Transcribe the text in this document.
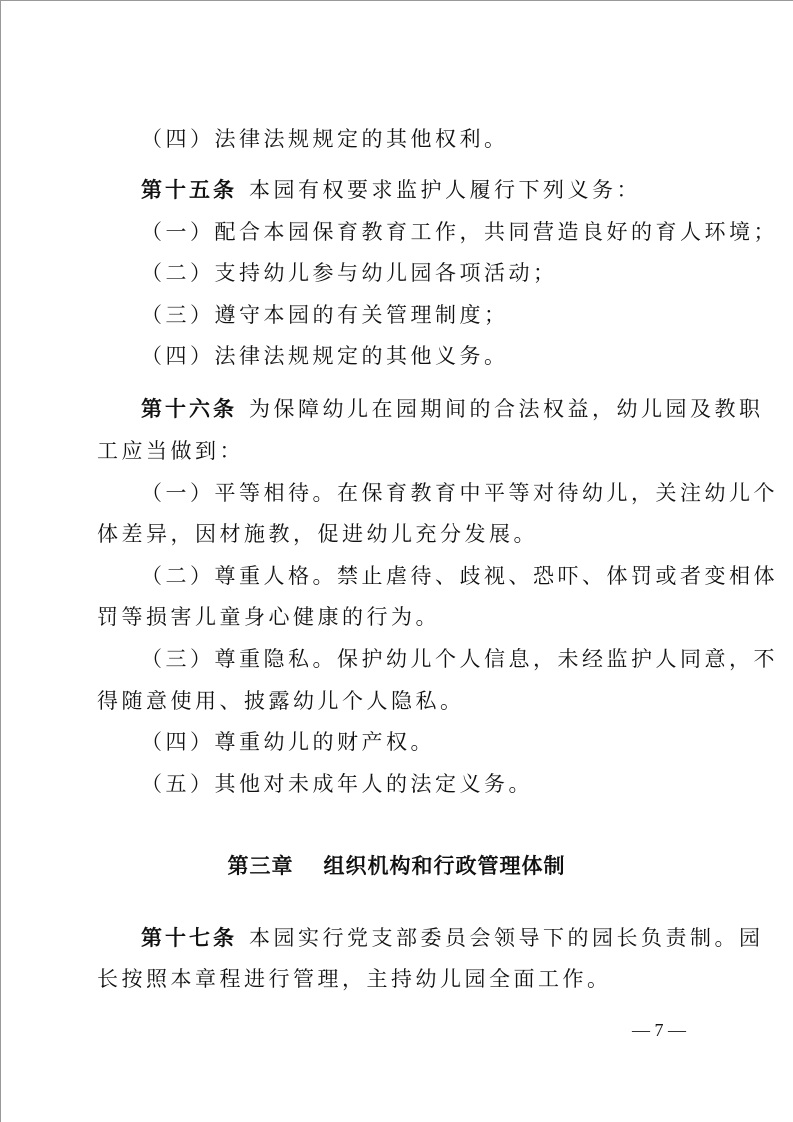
（四）法律法规规定的其他权利。
第十五条 本园有权要求监护人履行下列义务：
（一）配合本园保育教育工作，共同营造良好的育人环境；
（二）支持幼儿参与幼儿园各项活动；
（三）遵守本园的有关管理制度；
（四）法律法规规定的其他义务。
第十六条 为保障幼儿在园期间的合法权益，幼儿园及教职
工应当做到：
（一）平等相待。在保育教育中平等对待幼儿，关注幼儿个
体差异，因材施教，促进幼儿充分发展。
（二）尊重人格。禁止虐待、歧视、恐吓、体罚或者变相体
罚等损害儿童身心健康的行为。
（三）尊重隐私。保护幼儿个人信息，未经监护人同意，不
得随意使用、披露幼儿个人隐私。
（四）尊重幼儿的财产权。
（五）其他对未成年人的法定义务。
第三章 组织机构和行政管理体制
第十七条 本园实行党支部委员会领导下的园长负责制。园
长按照本章程进行管理，主持幼儿园全面工作。
— 7 —
